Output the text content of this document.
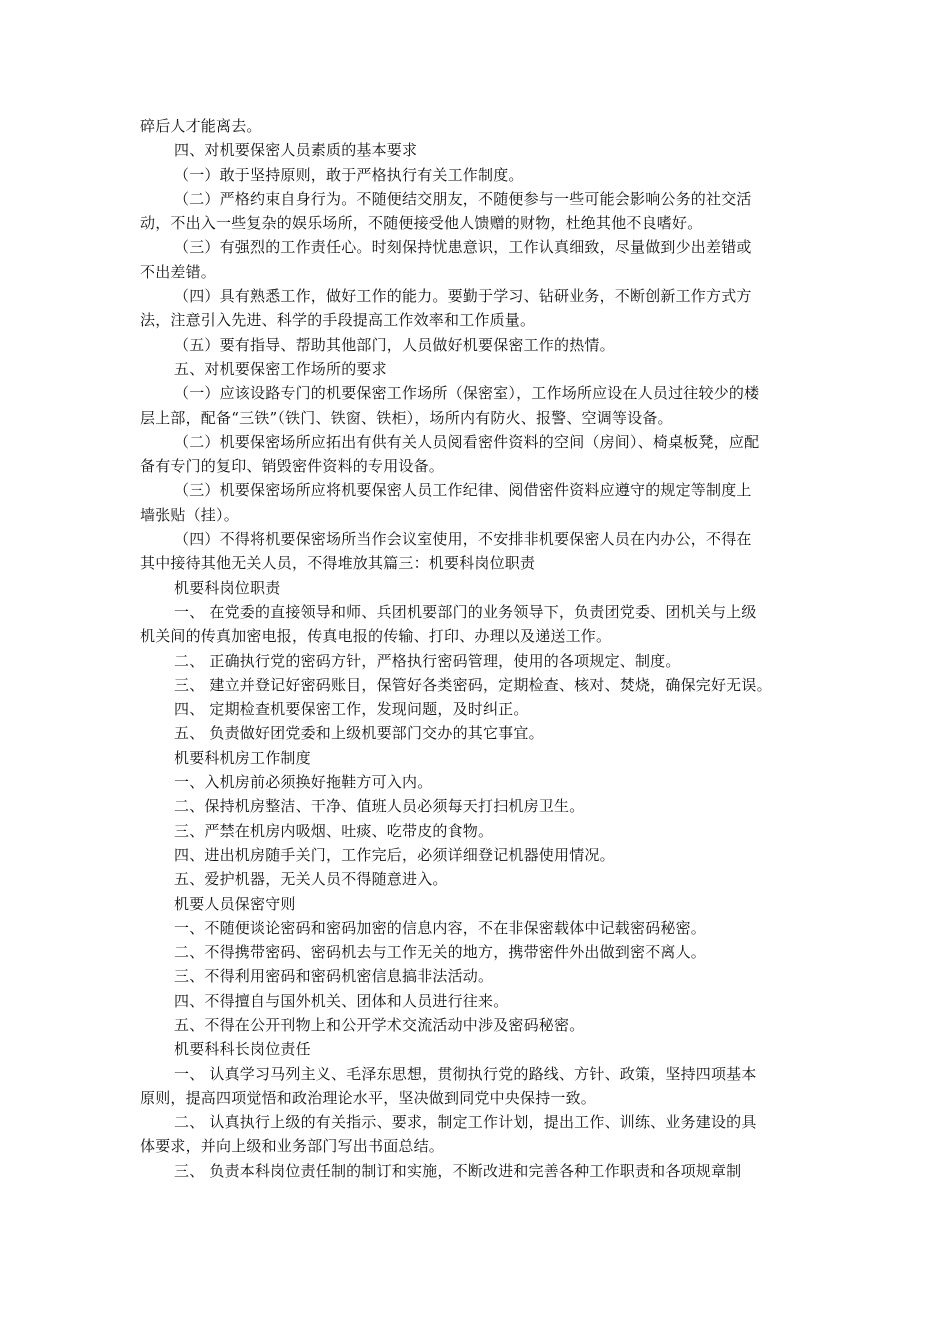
碎后人才能离去。
四、对机要保密人员素质的基本要求
（一）敢于坚持原则，敢于严格执行有关工作制度。
（二）严格约束自身行为。不随便结交朋友，不随便参与一些可能会影响公务的社交活
动，不出入一些复杂的娱乐场所，不随便接受他人馈赠的财物，杜绝其他不良嗜好。
（三）有强烈的工作责任心。时刻保持忧患意识，工作认真细致，尽量做到少出差错或
不出差错。
（四）具有熟悉工作，做好工作的能力。要勤于学习、钻研业务，不断创新工作方式方
法，注意引入先进、科学的手段提高工作效率和工作质量。
（五）要有指导、帮助其他部门，人员做好机要保密工作的热情。
五、对机要保密工作场所的要求
（一）应该设路专门的机要保密工作场所（保密室），工作场所应设在人员过往较少的楼
层上部，配备“三铁”（铁门、铁窗、铁柜），场所内有防火、报警、空调等设备。
（二）机要保密场所应拓出有供有关人员阅看密件资料的空间（房间）、椅桌板凳，应配
备有专门的复印、销毁密件资料的专用设备。
（三）机要保密场所应将机要保密人员工作纪律、阅借密件资料应遵守的规定等制度上
墙张贴（挂）。
（四）不得将机要保密场所当作会议室使用，不安排非机要保密人员在内办公，不得在
其中接待其他无关人员，不得堆放其篇三：机要科岗位职责
机要科岗位职责
一、 在党委的直接领导和师、兵团机要部门的业务领导下，负责团党委、团机关与上级
机关间的传真加密电报，传真电报的传输、打印、办理以及递送工作。
二、 正确执行党的密码方针，严格执行密码管理，使用的各项规定、制度。
三、 建立并登记好密码账目，保管好各类密码，定期检查、核对、焚烧，确保完好无误。
四、 定期检查机要保密工作，发现问题，及时纠正。
五、 负责做好团党委和上级机要部门交办的其它事宜。
机要科机房工作制度
一、入机房前必须换好拖鞋方可入内。
二、保持机房整洁、干净、值班人员必须每天打扫机房卫生。
三、严禁在机房内吸烟、吐痰、吃带皮的食物。
四、进出机房随手关门，工作完后，必须详细登记机器使用情况。
五、爱护机器，无关人员不得随意进入。
机要人员保密守则
一、不随便谈论密码和密码加密的信息内容，不在非保密载体中记载密码秘密。
二、不得携带密码、密码机去与工作无关的地方，携带密件外出做到密不离人。
三、不得利用密码和密码机密信息搞非法活动。
四、不得擅自与国外机关、团体和人员进行往来。
五、不得在公开刊物上和公开学术交流活动中涉及密码秘密。
机要科科长岗位责任
一、 认真学习马列主义、毛泽东思想，贯彻执行党的路线、方针、政策，坚持四项基本
原则，提高四项觉悟和政治理论水平，坚决做到同党中央保持一致。
二、 认真执行上级的有关指示、要求，制定工作计划，提出工作、训练、业务建设的具
体要求，并向上级和业务部门写出书面总结。
三、 负责本科岗位责任制的制订和实施，不断改进和完善各种工作职责和各项规章制
